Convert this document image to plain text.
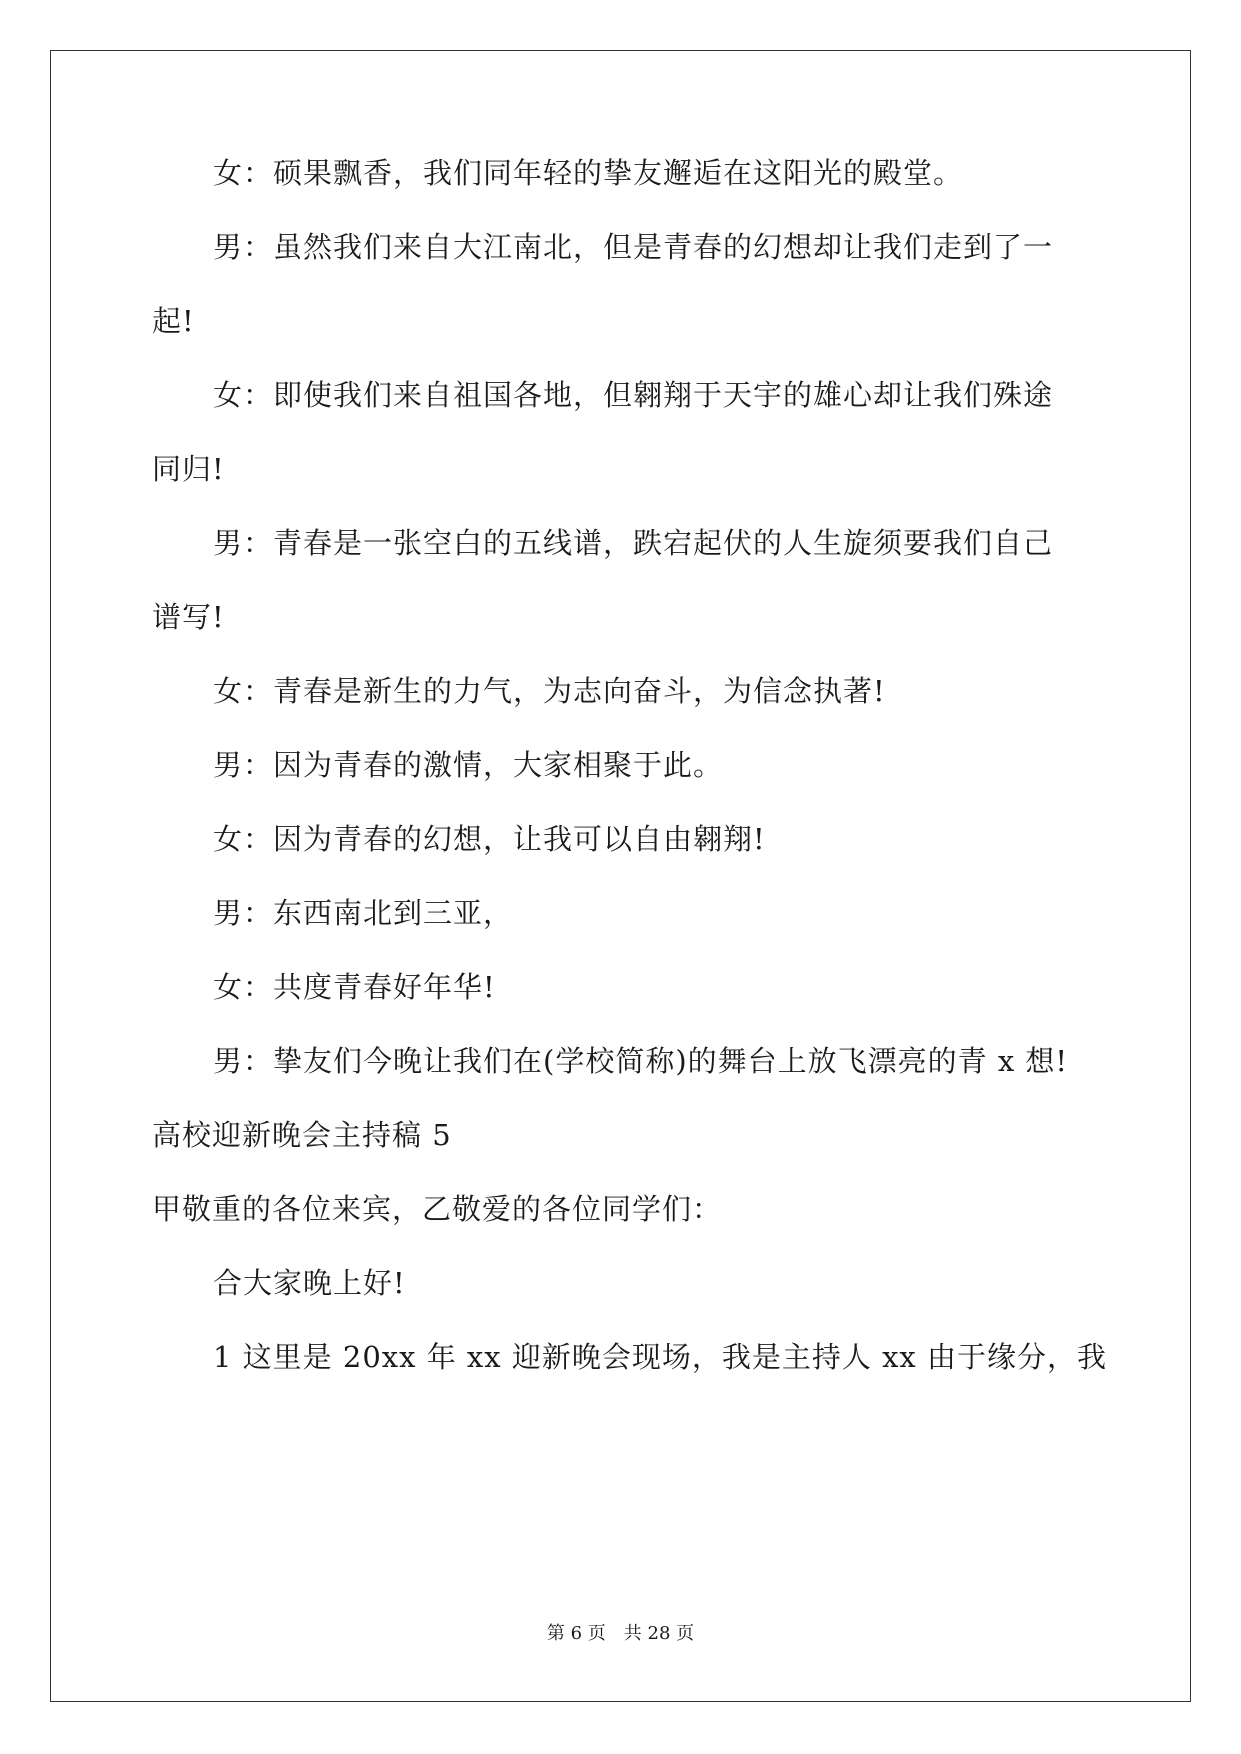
女：硕果飘香，我们同年轻的挚友邂逅在这阳光的殿堂。
男：虽然我们来自大江南北，但是青春的幻想却让我们走到了一
起!
女：即使我们来自祖国各地，但翱翔于天宇的雄心却让我们殊途
同归!
男：青春是一张空白的五线谱，跌宕起伏的人生旋须要我们自己
谱写!
女：青春是新生的力气，为志向奋斗，为信念执著!
男：因为青春的激情，大家相聚于此。
女：因为青春的幻想，让我可以自由翱翔!
男：东西南北到三亚，
女：共度青春好年华!
男：挚友们今晚让我们在(学校简称)的舞台上放飞漂亮的青 x 想!
高校迎新晚会主持稿 5
甲敬重的各位来宾，乙敬爱的各位同学们：
合大家晚上好!
1 这里是 20xx 年 xx 迎新晚会现场，我是主持人 xx 由于缘分，我
第 6 页 共 28 页
